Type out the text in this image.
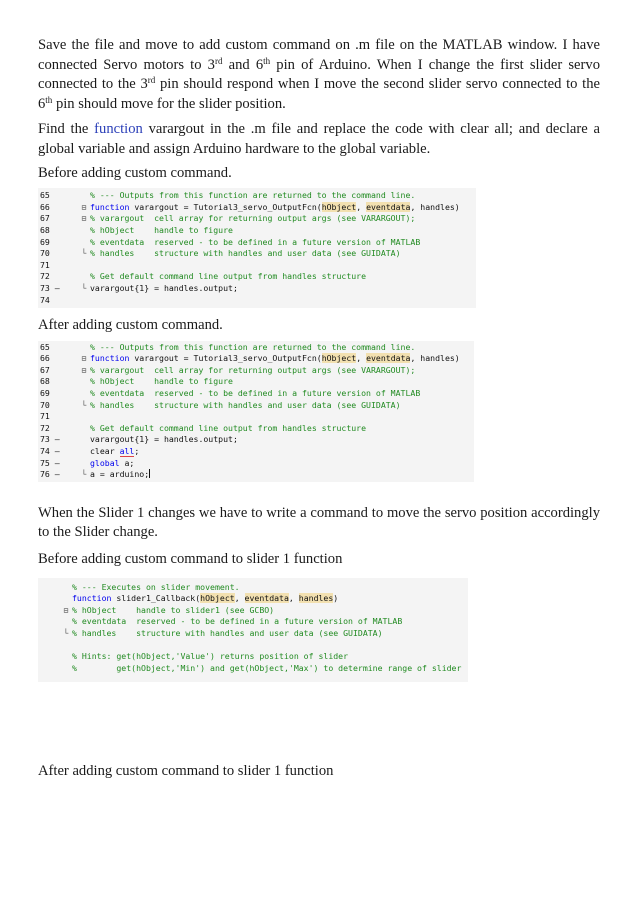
Save the file and move to add custom command on .m file on the MATLAB window. I have connected Servo motors to 3rd and 6th pin of Arduino. When I change the first slider servo connected to the 3rd pin should respond when I move the second slider servo connected to the 6th pin should move for the slider position.

Find the function varargout in the .m file and replace the code with clear all; and declare a global variable and assign Arduino hardware to the global variable.

Before adding custom command.

65	% --- Outputs from this function are returned to the command line.
66	⊟ function varargout = Tutorial3_servo_OutputFcn(hObject, eventdata, handles)
67	⊟ % varargout  cell array for returning output args (see VARARGOUT);
68	% hObject    handle to figure
69	% eventdata  reserved - to be defined in a future version of MATLAB
70	└ % handles    structure with handles and user data (see GUIDATA)
71
72	% Get default command line output from handles structure
73 –	└ varargout{1} = handles.output;
74

After adding custom command.

65	% --- Outputs from this function are returned to the command line.
66	⊟ function varargout = Tutorial3_servo_OutputFcn(hObject, eventdata, handles)
67	⊟ % varargout  cell array for returning output args (see VARARGOUT);
68	% hObject    handle to figure
69	% eventdata  reserved - to be defined in a future version of MATLAB
70	└ % handles    structure with handles and user data (see GUIDATA)
71
72	% Get default command line output from handles structure
73 –	varargout{1} = handles.output;
74 –	clear all;
75 –	global a;
76 –	└ a = arduino;

When the Slider 1 changes we have to write a command to move the servo position accordingly to the Slider change.

Before adding custom command to slider 1 function

% --- Executes on slider movement.
function slider1_Callback(hObject, eventdata, handles)
⊟ % hObject    handle to slider1 (see GCBO)
% eventdata  reserved - to be defined in a future version of MATLAB
└ % handles    structure with handles and user data (see GUIDATA)
% Hints: get(hObject,'Value') returns position of slider
%        get(hObject,'Min') and get(hObject,'Max') to determine range of slider

After adding custom command to slider 1 function
